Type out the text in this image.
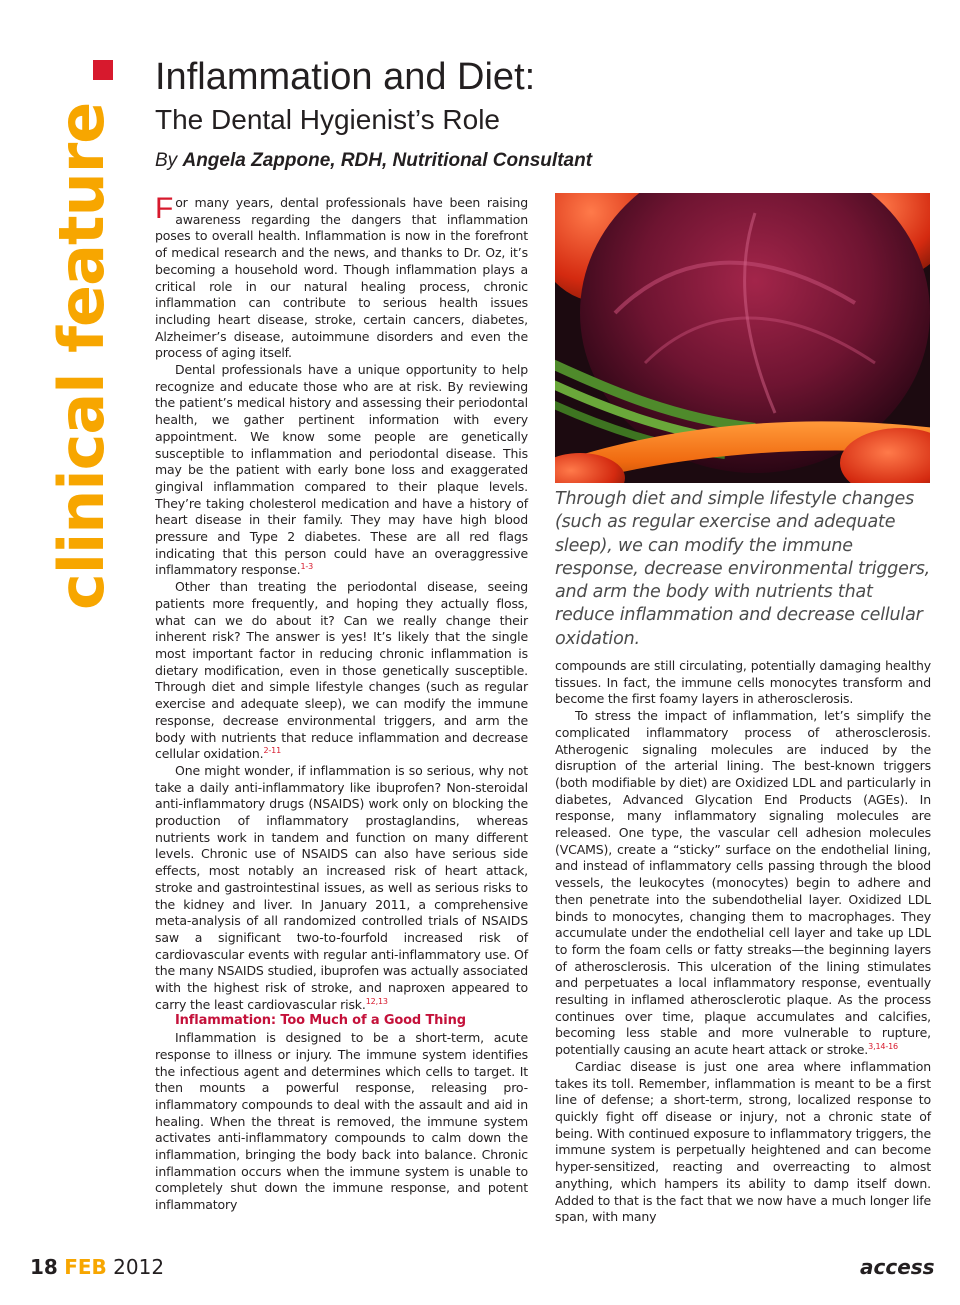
clinical feature
Inflammation and Diet:
The Dental Hygienist’s Role
By Angela Zappone, RDH, Nutritional Consultant

For many years, dental professionals have been raising awareness regarding the dangers that inflammation poses to overall health. Inflammation is now in the forefront of medical research and the news, and thanks to Dr. Oz, it’s becoming a household word. Though inflammation plays a critical role in our natural healing process, chronic inflammation can contribute to serious health issues including heart disease, stroke, certain cancers, diabetes, Alzheimer’s disease, autoimmune disorders and even the process of aging itself.

Dental professionals have a unique opportunity to help recognize and educate those who are at risk. By reviewing the patient’s medical history and assessing their periodontal health, we gather pertinent information with every appointment. We know some people are genetically susceptible to inflammation and periodontal disease. This may be the patient with early bone loss and exaggerated gingival inflammation compared to their plaque levels. They’re taking cholesterol medication and have a history of heart disease in their family. They may have high blood pressure and Type 2 diabetes. These are all red flags indicating that this person could have an overaggressive inflammatory response.$^{1-3}$

Other than treating the periodontal disease, seeing patients more frequently, and hoping they actually floss, what can we do about it? Can we really change their inherent risk? The answer is yes! It’s likely that the single most important factor in reducing chronic inflammation is dietary modification, even in those genetically susceptible. Through diet and simple lifestyle changes (such as regular exercise and adequate sleep), we can modify the immune response, decrease environmental triggers, and arm the body with nutrients that reduce inflammation and decrease cellular oxidation.$^{2-11}$

One might wonder, if inflammation is so serious, why not take a daily anti-inflammatory like ibuprofen? Non-steroidal anti-inflammatory drugs (NSAIDS) work only on blocking the production of inflammatory prostaglandins, whereas nutrients work in tandem and function on many different levels. Chronic use of NSAIDS can also have serious side effects, most notably an increased risk of heart attack, stroke and gastrointestinal issues, as well as serious risks to the kidney and liver. In January 2011, a comprehensive meta-analysis of all randomized controlled trials of NSAIDS saw a significant two-to-fourfold increased risk of cardiovascular events with regular anti-inflammatory use. Of the many NSAIDS studied, ibuprofen was actually associated with the highest risk of stroke, and naproxen appeared to carry the least cardiovascular risk.$^{12,13}$

Inflammation: Too Much of a Good Thing

Inflammation is designed to be a short-term, acute response to illness or injury. The immune system identifies the infectious agent and determines which cells to target. It then mounts a powerful response, releasing pro-inflammatory compounds to deal with the assault and aid in healing. When the threat is removed, the immune system activates anti-inflammatory compounds to calm down the inflammation, bringing the body back into balance. Chronic inflammation occurs when the immune system is unable to completely shut down the immune response, and potent inflammatory

Through diet and simple lifestyle changes (such as regular exercise and adequate sleep), we can modify the immune response, decrease environmental triggers, and arm the body with nutrients that reduce inflammation and decrease cellular oxidation.

compounds are still circulating, potentially damaging healthy tissues. In fact, the immune cells monocytes transform and become the first foamy layers in atherosclerosis.

To stress the impact of inflammation, let’s simplify the complicated inflammatory process of atherosclerosis. Atherogenic signaling molecules are induced by the disruption of the arterial lining. The best-known triggers (both modifiable by diet) are Oxidized LDL and particularly in diabetes, Advanced Glycation End Products (AGEs). In response, many inflammatory signaling molecules are released. One type, the vascular cell adhesion molecules (VCAMS), create a “sticky” surface on the endothelial lining, and instead of inflammatory cells passing through the blood vessels, the leukocytes (monocytes) begin to adhere and then penetrate into the subendothelial layer. Oxidized LDL binds to monocytes, changing them to macrophages. They accumulate under the endothelial cell layer and take up LDL to form the foam cells or fatty streaks—the beginning layers of atherosclerosis. This ulceration of the lining stimulates and perpetuates a local inflammatory response, eventually resulting in inflamed atherosclerotic plaque. As the process continues over time, plaque accumulates and calcifies, becoming less stable and more vulnerable to rupture, potentially causing an acute heart attack or stroke.$^{3,14-16}$

Cardiac disease is just one area where inflammation takes its toll. Remember, inflammation is meant to be a first line of defense; a short-term, strong, localized response to quickly fight off disease or injury, not a chronic state of being. With continued exposure to inflammatory triggers, the immune system is perpetually heightened and can become hyper-sensitized, reacting and overreacting to almost anything, which hampers its ability to damp itself down. Added to that is the fact that we now have a much longer life span, with many

18 FEB 2012	access
